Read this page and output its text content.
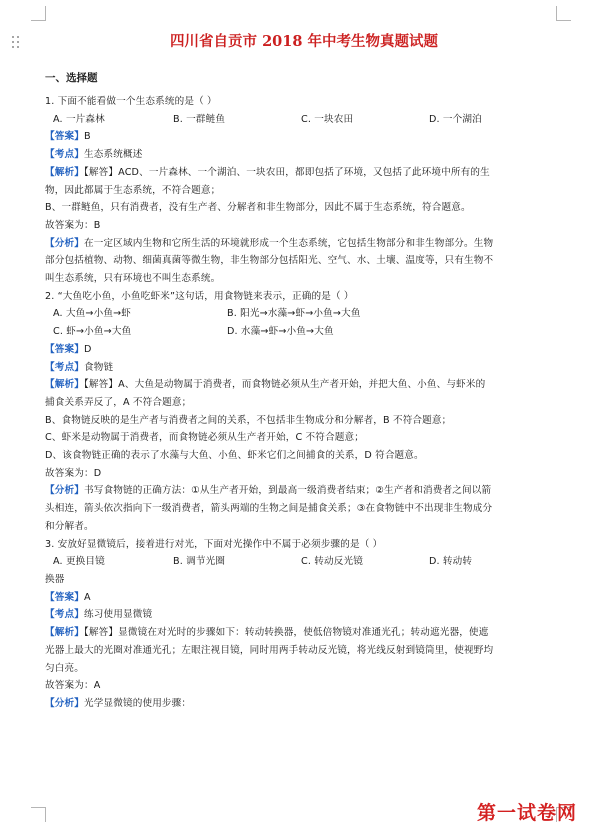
四川省自贡市 2018 年中考生物真题试题
一、选择题
1. 下面不能看做一个生态系统的是（ ）
A. 一片森林	B. 一群鲢鱼	C. 一块农田	D. 一个湖泊
【答案】B
【考点】生态系统概述
【解析】【解答】ACD、一片森林、一个湖泊、一块农田，都即包括了环境，又包括了此环境中所有的生
物，因此都属于生态系统，不符合题意；
B、一群鲢鱼，只有消费者，没有生产者、分解者和非生物部分，因此不属于生态系统，符合题意。
故答案为：B
【分析】在一定区域内生物和它所生活的环境就形成一个生态系统，它包括生物部分和非生物部分。生物
部分包括植物、动物、细菌真菌等微生物，非生物部分包括阳光、空气、水、土壤、温度等，只有生物不
叫生态系统，只有环境也不叫生态系统。
2. “大鱼吃小鱼，小鱼吃虾米”这句话，用食物链来表示，正确的是（ ）
A. 大鱼→小鱼→虾	B. 阳光→水藻→虾→小鱼→大鱼
C. 虾→小鱼→大鱼	D. 水藻→虾→小鱼→大鱼
【答案】D
【考点】食物链
【解析】【解答】A、大鱼是动物属于消费者，而食物链必须从生产者开始，并把大鱼、小鱼、与虾米的
捕食关系弄反了，A 不符合题意；
B、食物链反映的是生产者与消费者之间的关系，不包括非生物成分和分解者，B 不符合题意；
C、虾米是动物属于消费者，而食物链必须从生产者开始，C 不符合题意；
D、该食物链正确的表示了水藻与大鱼、小鱼、虾米它们之间捕食的关系，D 符合题意。
故答案为：D
【分析】书写食物链的正确方法：①从生产者开始，到最高一级消费者结束；②生产者和消费者之间以箭
头相连，箭头依次指向下一级消费者，箭头两端的生物之间是捕食关系；③在食物链中不出现非生物成分
和分解者。
3. 安放好显微镜后，接着进行对光，下面对光操作中不属于必须步骤的是（ ）
A. 更换目镜	B. 调节光圈	C. 转动反光镜	D. 转动转
换器
【答案】A
【考点】练习使用显微镜
【解析】【解答】显微镜在对光时的步骤如下：转动转换器，使低倍物镜对准通光孔；转动遮光器，使遮
光器上最大的光圈对准通光孔；左眼注视目镜，同时用两手转动反光镜，将光线反射到镜筒里，使视野均
匀白亮。
故答案为：A
【分析】光学显微镜的使用步骤：
第一试卷网
